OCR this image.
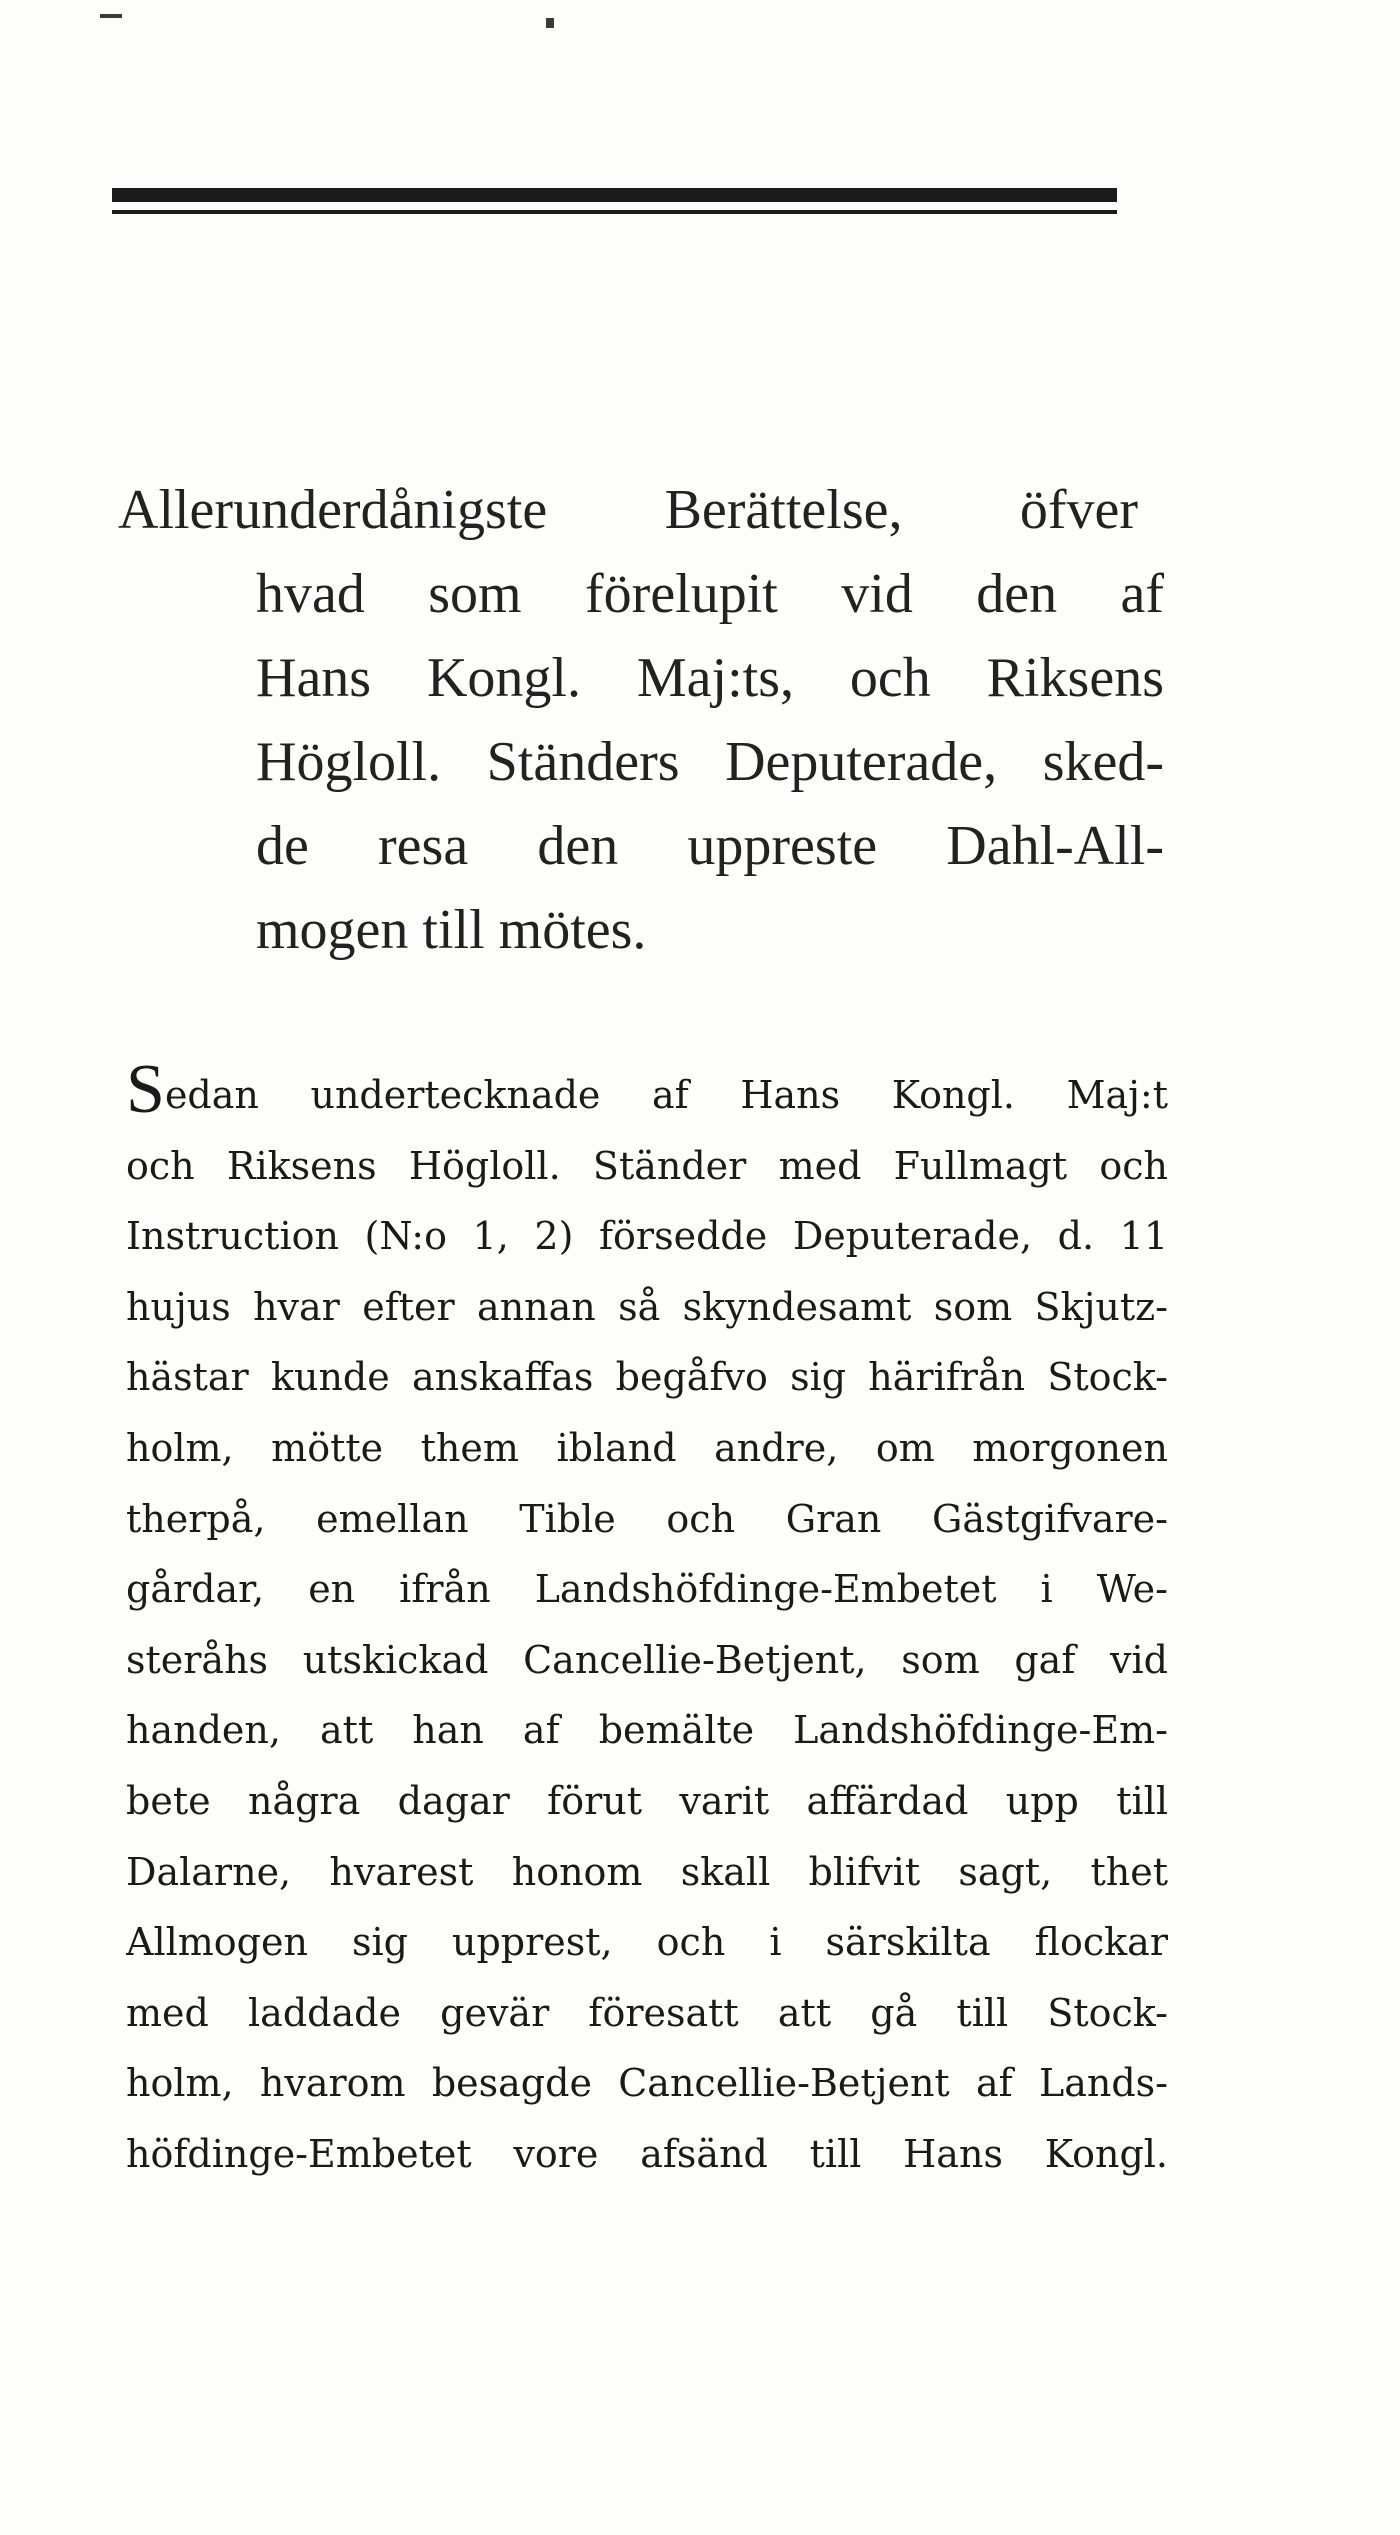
Allerunderdånigste Berättelse, öfver
hvad som förelupit vid den af
Hans Kongl. Maj:ts, och Riksens
Högloll. Ständers Deputerade, sked-
de resa den uppreste Dahl-All-
mogen till mötes.
Sedan underteckn​ade af Hans Kongl. Maj:t
och Riksens Högloll. Ständer med Fullmagt och
Instruction (N:o 1, 2) försedde Deputerade, d. 11
hujus hvar efter annan så skyndesamt som Skjutz-
hästar kunde anskaffas begåfvo sig härifrån Stock-
holm, mötte them ibland andre, om morgonen
therpå, emellan Tible och Gran Gästgifvare-
gårdar, en ifrån Landshöfdinge-Embetet i We-
steråhs utskickad Cancellie-Betjent, som gaf vid
handen, att han af bemälte Landshöfdinge-Em-
bete några dagar förut varit affärdad upp till
Dalarne, hvarest honom skall blifvit sagt, thet
Allmogen sig upprest, och i särskilta flockar
med laddade gevär föresatt att gå till Stock-
holm, hvarom besagde Cancellie-Betjent af Lands-
höfdinge-Embetet vore afsänd till Hans Kongl.
